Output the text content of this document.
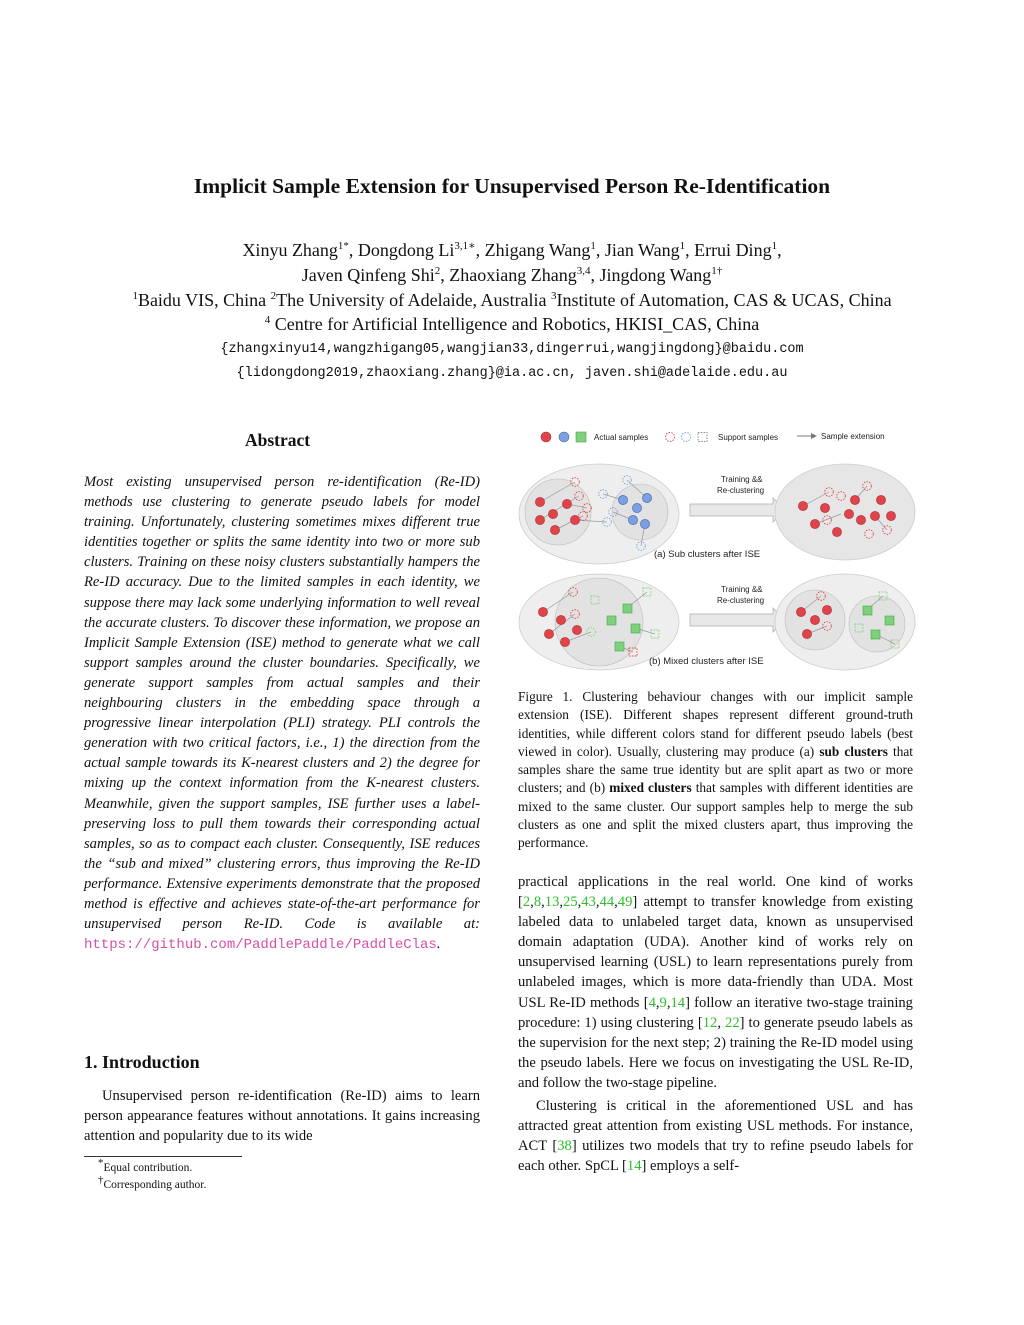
Implicit Sample Extension for Unsupervised Person Re-Identification
Xinyu Zhang$^{1*}$, Dongdong $Li^{3,1∗}$, Zhigang Wang$^1$, Jian Wang$^1$, Errui Ding$^1$,
Javen Qinfeng Shi$^2$, Zhaoxiang Zhang$^{3,4}$, Jingdong Wang$^{1\dagger}$
$^1$Baidu VIS, China $^2$The University of Adelaide, Australia $^3$Institute of Automation, CAS & UCAS, China
$^4$ Centre for Artificial Intelligence and Robotics, HKISI_CAS, China
{zhangxinyu14,wangzhigang05,wangjian33,dingerrui,wangjingdong}@baidu.com
{lidongdong2019,zhaoxiang.zhang}@ia.ac.cn, javen.shi@adelaide.edu.au
Abstract
Most existing unsupervised person re-identification (Re-ID) methods use clustering to generate pseudo labels for model training. Unfortunately, clustering sometimes mixes different true identities together or splits the same identity into two or more sub clusters. Training on these noisy clusters substantially hampers the Re-ID accuracy. Due to the limited samples in each identity, we suppose there may lack some underlying information to well reveal the accurate clusters. To discover these information, we propose an Implicit Sample Extension (ISE) method to generate what we call support samples around the cluster boundaries. Specifically, we generate support samples from actual samples and their neighbouring clusters in the embedding space through a progressive linear interpolation (PLI) strategy. PLI controls the generation with two critical factors, i.e., 1) the direction from the actual sample towards its K-nearest clusters and 2) the degree for mixing up the context information from the K-nearest clusters. Meanwhile, given the support samples, ISE further uses a label-preserving loss to pull them towards their corresponding actual samples, so as to compact each cluster. Consequently, ISE reduces the “sub and mixed” clustering errors, thus improving the Re-ID performance. Extensive experiments demonstrate that the proposed method is effective and achieves state-of-the-art performance for unsupervised person Re-ID. Code is available at: https://github.com/PaddlePaddle/PaddleClas.
1. Introduction

Unsupervised person re-identification (Re-ID) aims to learn person appearance features without annotations. It gains increasing attention and popularity due to its wide

*Equal contribution.
†Corresponding author.
Actual samples	Support samples	Sample extension
Training &&
Re-clustering
(a) Sub clusters after ISE
Training &&
Re-clustering
(b) Mixed clusters after ISE
Figure 1. Clustering behaviour changes with our implicit sample extension (ISE). Different shapes represent different ground-truth identities, while different colors stand for different pseudo labels (best viewed in color). Usually, clustering may produce (a) sub clusters that samples share the same true identity but are split apart as two or more clusters; and (b) mixed clusters that samples with different identities are mixed to the same cluster. Our support samples help to merge the sub clusters as one and split the mixed clusters apart, thus improving the performance.

practical applications in the real world. One kind of works [2,8,13,25,43,44,49] attempt to transfer knowledge from existing labeled data to unlabeled target data, known as unsupervised domain adaptation (UDA). Another kind of works rely on unsupervised learning (USL) to learn representations purely from unlabeled images, which is more data-friendly than UDA. Most USL Re-ID methods [4,9,14] follow an iterative two-stage training procedure: 1) using clustering [12, 22] to generate pseudo labels as the supervision for the next step; 2) training the Re-ID model using the pseudo labels. Here we focus on investigating the USL Re-ID, and follow the two-stage pipeline.

Clustering is critical in the aforementioned USL and has attracted great attention from existing USL methods. For instance, ACT [38] utilizes two models that try to refine pseudo labels for each other. SpCL [14] employs a self-
